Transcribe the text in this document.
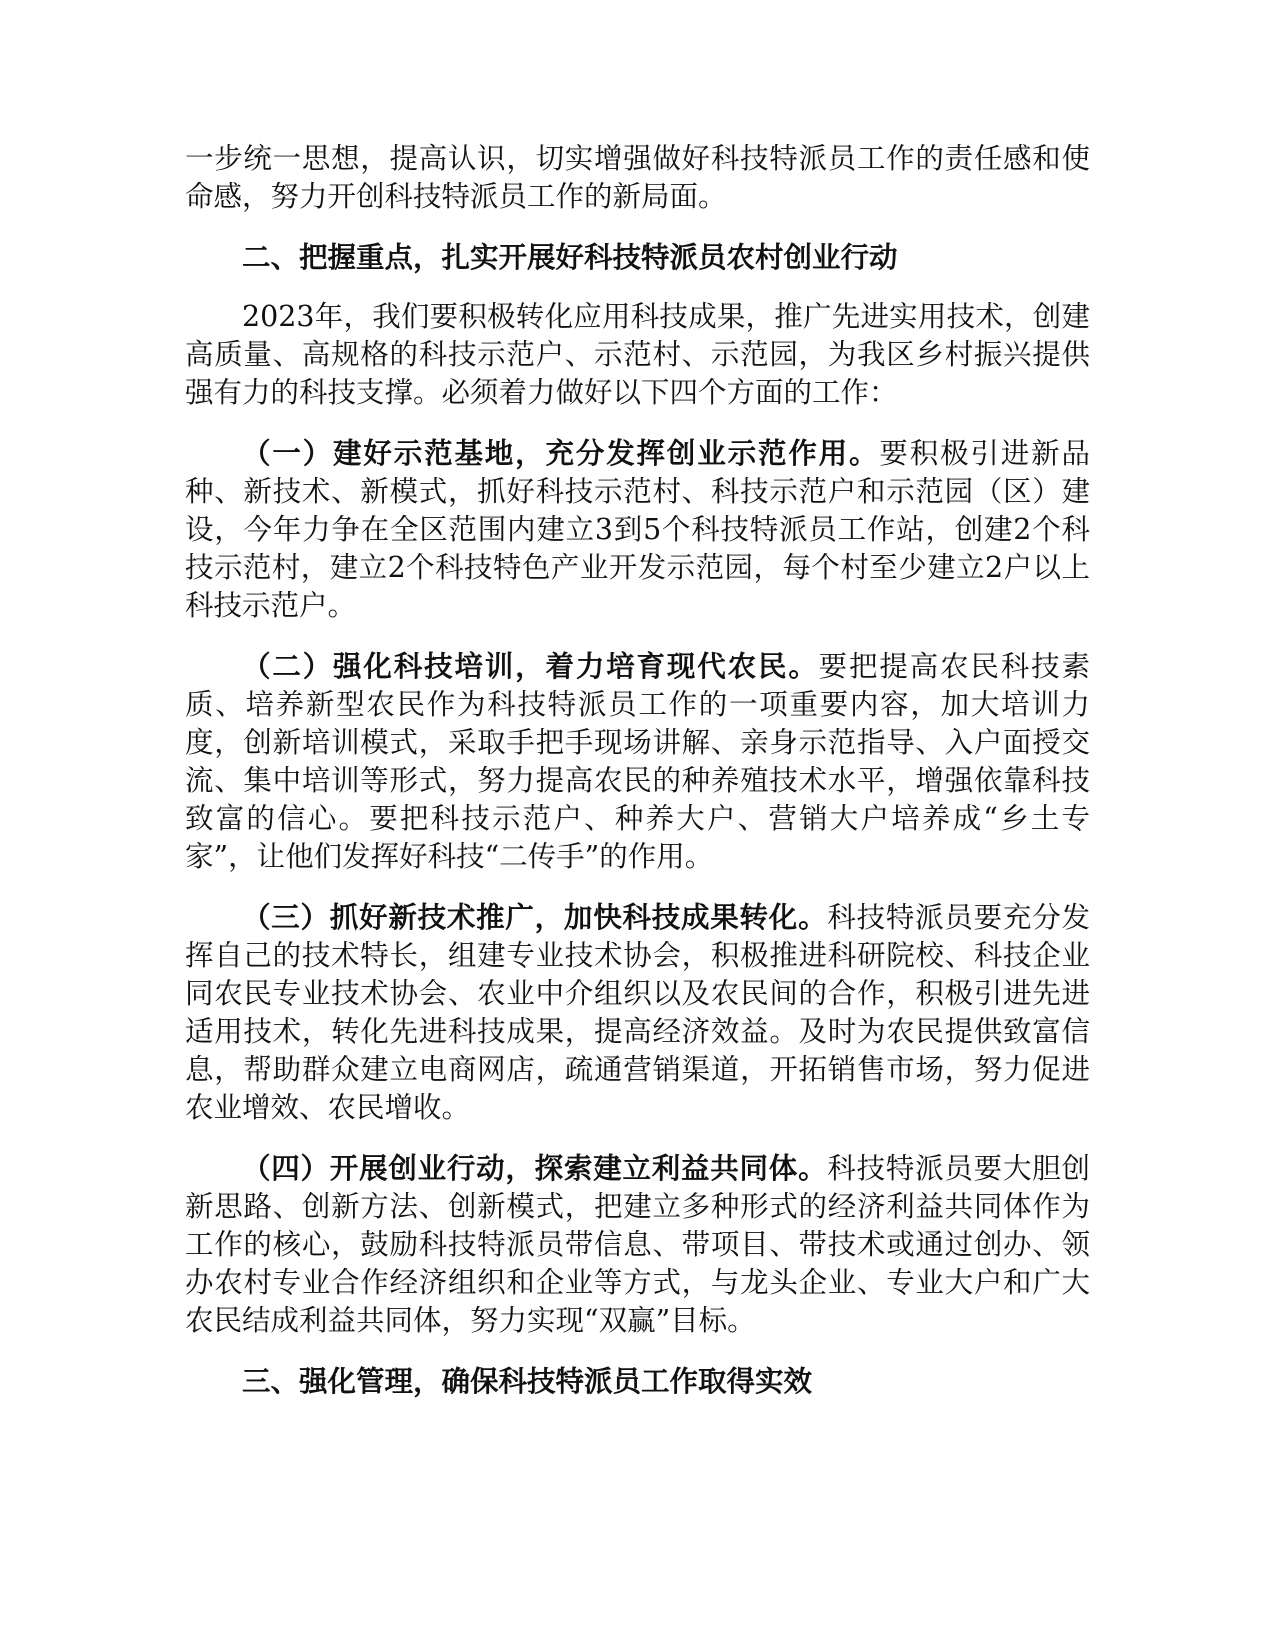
一步统一思想，提高认识，切实增强做好科技特派员工作的责任感和使命感，努力开创科技特派员工作的新局面。

二、把握重点，扎实开展好科技特派员农村创业行动

2023年，我们要积极转化应用科技成果，推广先进实用技术，创建高质量、高规格的科技示范户、示范村、示范园，为我区乡村振兴提供强有力的科技支撑。必须着力做好以下四个方面的工作：

（一）建好示范基地，充分发挥创业示范作用。要积极引进新品种、新技术、新模式，抓好科技示范村、科技示范户和示范园（区）建设，今年力争在全区范围内建立3到5个科技特派员工作站，创建2个科技示范村，建立2个科技特色产业开发示范园，每个村至少建立2户以上科技示范户。

（二）强化科技培训，着力培育现代农民。要把提高农民科技素质、培养新型农民作为科技特派员工作的一项重要内容，加大培训力度，创新培训模式，采取手把手现场讲解、亲身示范指导、入户面授交流、集中培训等形式，努力提高农民的种养殖技术水平，增强依靠科技致富的信心。要把科技示范户、种养大户、营销大户培养成“乡土专家”，让他们发挥好科技“二传手”的作用。

（三）抓好新技术推广，加快科技成果转化。科技特派员要充分发挥自己的技术特长，组建专业技术协会，积极推进科研院校、科技企业同农民专业技术协会、农业中介组织以及农民间的合作，积极引进先进适用技术，转化先进科技成果，提高经济效益。及时为农民提供致富信息，帮助群众建立电商网店，疏通营销渠道，开拓销售市场，努力促进农业增效、农民增收。

（四）开展创业行动，探索建立利益共同体。科技特派员要大胆创新思路、创新方法、创新模式，把建立多种形式的经济利益共同体作为工作的核心，鼓励科技特派员带信息、带项目、带技术或通过创办、领办农村专业合作经济组织和企业等方式，与龙头企业、专业大户和广大农民结成利益共同体，努力实现“双赢”目标。

三、强化管理，确保科技特派员工作取得实效
